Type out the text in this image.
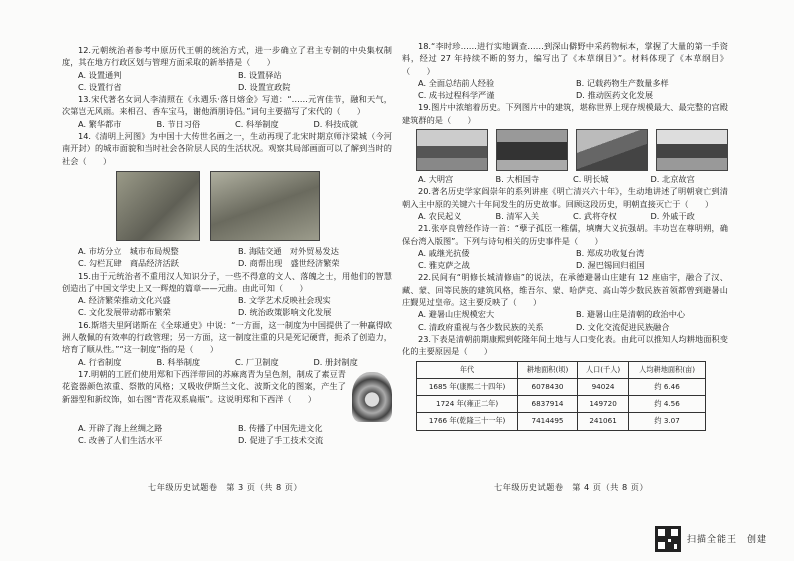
12.元朝统治者参考中原历代王朝的统治方式，进一步确立了君主专制的中央集权制度，其在地方行政区划与管理方面采取的新举措是（　　）

A. 设置通判	B. 设置驿站
C. 设置行省	D. 设置宣政院

13.宋代著名女词人李清照在《永遇乐·落日熔金》写道：“……元宵佳节，融和天气，次第岂无风雨。来相召、香车宝马，谢他酒朋诗侣。”词句主要描写了宋代的（　　）

A. 繁华都市	B. 节日习俗	C. 科举制度	D. 科技成就

14.《清明上河图》为中国十大传世名画之一，生动再现了北宋时期京师汴梁城（今河南开封）的城市面貌和当时社会各阶层人民的生活状况。观察其局部画面可以了解到当时的社会（　　）

A. 市坊分立　城市布局规整	B. 海陆交通　对外贸易发达
C. 勾栏瓦肆　商品经济活跃	D. 商帮出现　盛世经济繁荣

15.由于元统治者不重用汉人知识分子，一些不得意的文人、落魄之士，用他们的智慧创造出了中国文学史上又一辉煌的篇章——元曲。由此可知（　　）

A. 经济繁荣推动文化兴盛	B. 文学艺术反映社会现实
C. 文化发展带动都市繁荣	D. 统治政策影响文化发展

16.斯塔夫里阿诺斯在《全球通史》中说：“一方面，这一制度为中国提供了一种赢得欧洲人敬佩的有效率的行政管理；另一方面，这一制度注重的只是死记硬背，扼杀了创造力，培育了顺从性。”“这一制度”指的是（　　）

A. 行省制度	B. 科举制度	C. 厂卫制度	D. 册封制度

17.明朝的工匠们使用郑和下西洋带回的苏麻离青为呈色剂，制成了素豆青花瓷器颜色浓重、祭散的风格；又吸收伊斯兰文化、波斯文化的图案，产生了新器型和新纹饰，如右图“青花双系扁瓶”。这说明郑和下西洋（　　）

A. 开辟了海上丝绸之路	B. 传播了中国先进文化
C. 改善了人们生活水平	D. 促进了手工技术交流
七年级历史试题卷　第 3 页（共 8 页）

18.“李时珍……进行实地调查……到深山僻野中采药物标本，掌握了大量的第一手资料，经过 27 年持续不断的努力，编写出了《本草纲目》”。材料体现了《本草纲目》（　　）

A. 全面总结前人经验	B. 记载药物生产数量多样
C. 成书过程科学严谨	D. 推动医药文化发展

19.图片中浓缩着历史。下列图片中的建筑，堪称世界上现存规模最大、最完整的宫殿建筑群的是（　　）

A. 大明宫	B. 大相国寺	C. 明长城	D. 北京故宫

20.著名历史学家阎崇年的系列讲座《明亡清兴六十年》，生动地讲述了明朝衰亡到清朝入主中原的关键六十年间发生的历史故事。回顾这段历史，明朝直接灭亡于（　　）

A. 农民起义	B. 清军入关	C. 武将夺权	D. 外戚干政

21.张亭良曾经作诗一首：“孽子孤臣一稚儒，填膺大义抗强胡。丰功岂在尊明朔，确保台湾入版图”。下列与诗句相关的历史事件是（　　）

A. 戚继光抗倭	B. 郑成功收复台湾
C. 雅克萨之战	D. 渥巴锡回归祖国

22.民间有“明修长城清修庙”的说法，在承德避暑山庄建有 12 座庙宇，融合了汉、藏、蒙、回等民族的建筑风格，维吾尔、蒙、哈萨克、高山等少数民族首领都曾到避暑山庄觐见过皇帝。这主要反映了（　　）

A. 避暑山庄规模宏大	B. 避暑山庄是清朝的政治中心
C. 清政府重视与各少数民族的关系	D. 文化交流促进民族融合

23.下表是清朝前期康熙到乾隆年间土地与人口变化表。由此可以推知人均耕地面积变化的主要原因是（　　）

年代	耕地面积(顷)	人口(千人)	人均耕地面积(亩)
1685 年(康熙二十四年)	6078430	94024	约 6.46
1724 年(雍正二年)	6837914	149720	约 4.56
1766 年(乾隆三十一年)	7414495	241061	约 3.07
七年级历史试题卷　第 4 页（共 8 页）
扫描全能王　创建
